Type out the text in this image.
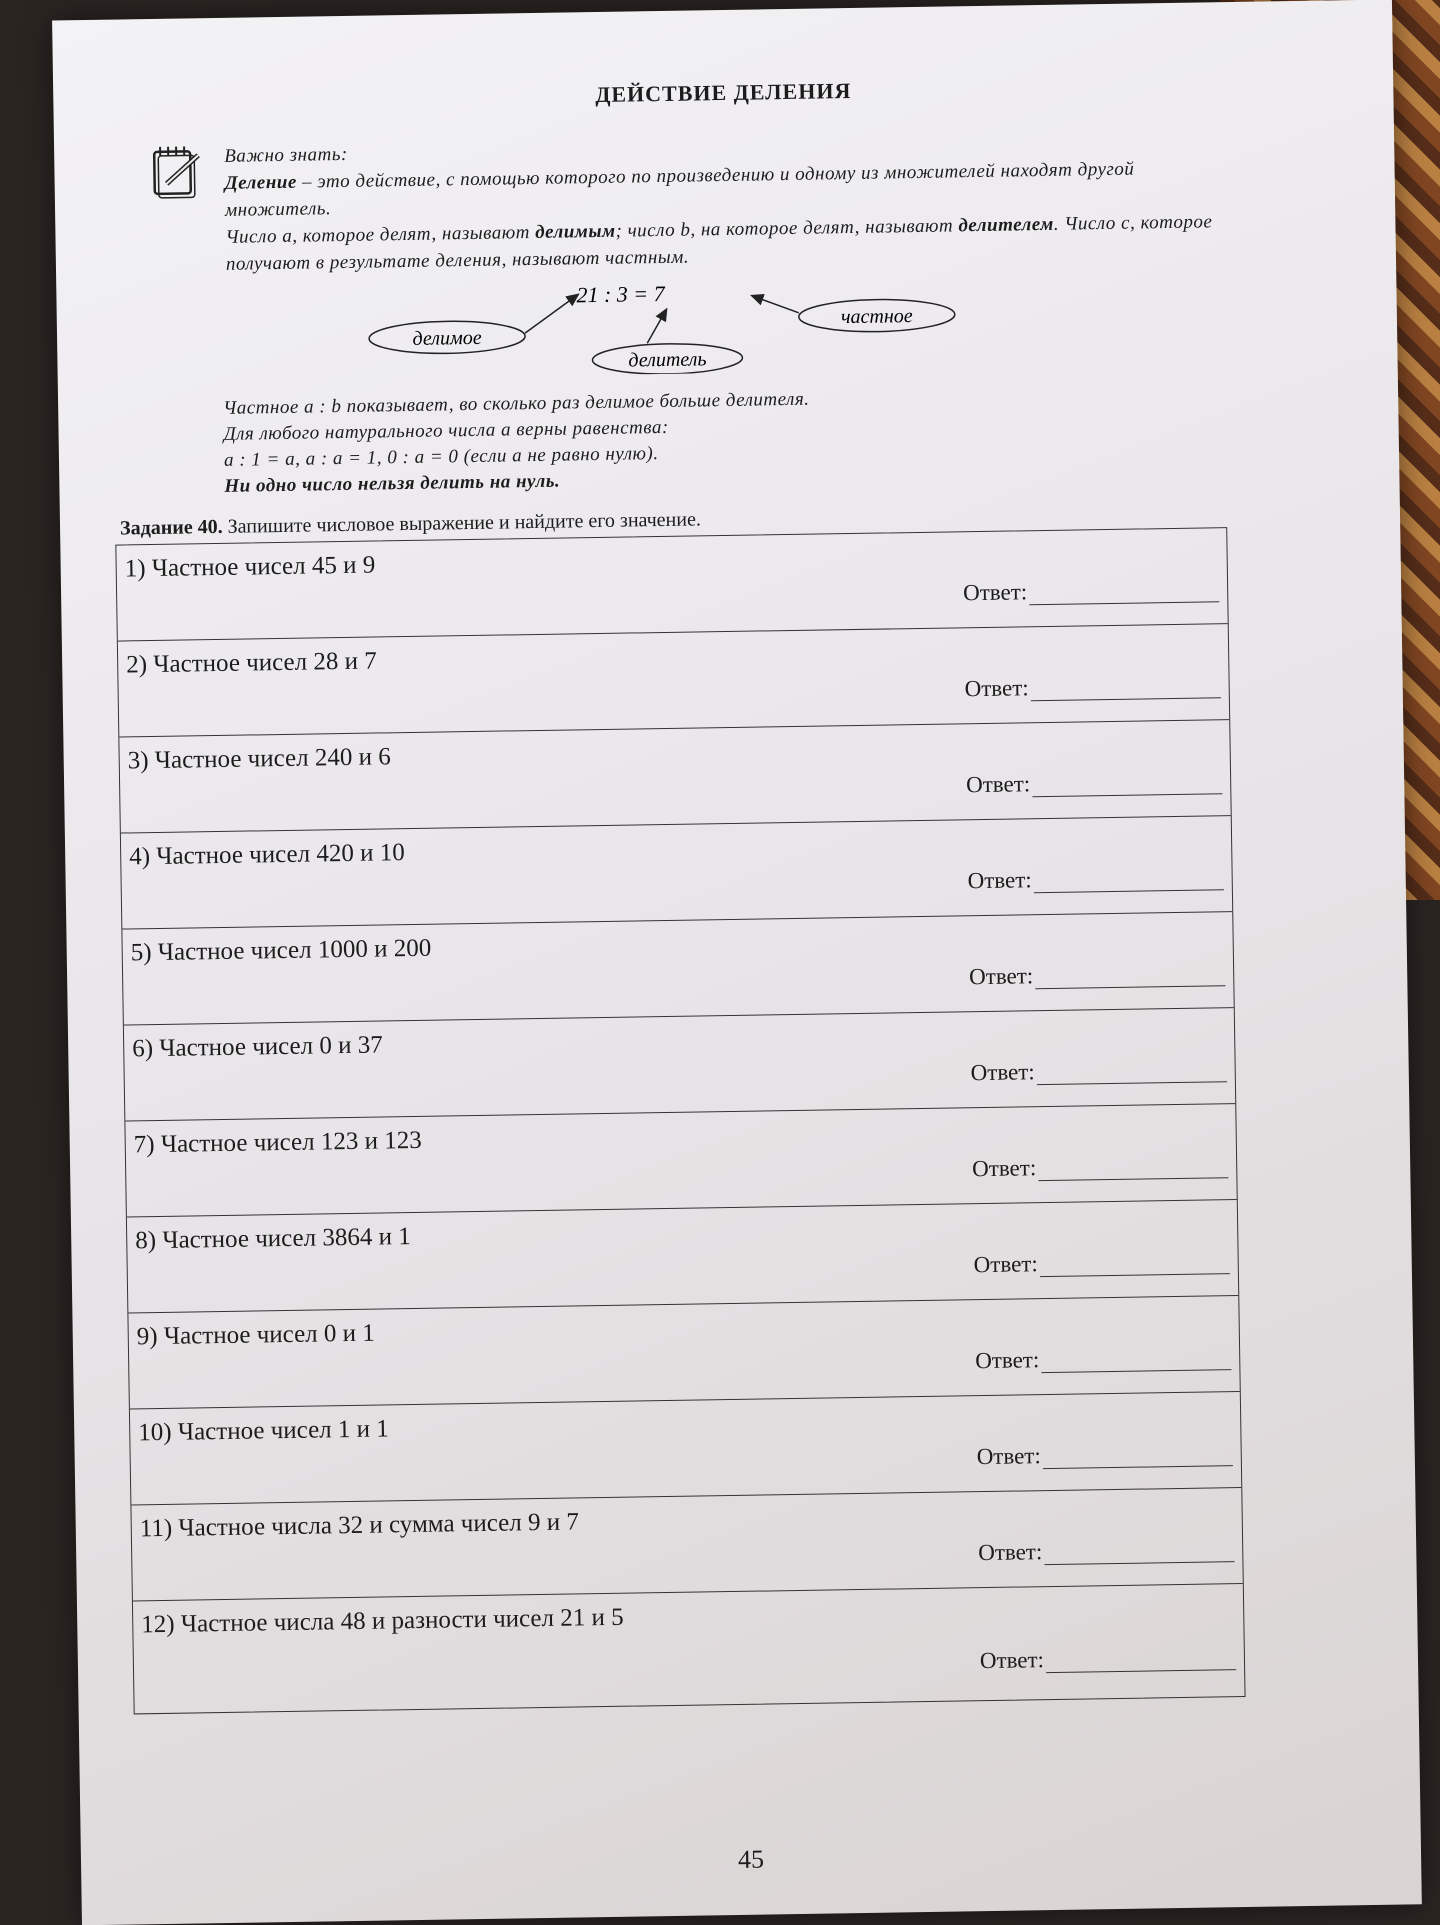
ДЕЙСТВИЕ ДЕЛЕНИЯ

Важно знать:

Деление – это действие, с помощью которого по произведению и одному из множителей находят другой множитель.

Число a, которое делят, называют делимым; число b, на которое делят, называют делителем. Число c, которое получают в результате деления, называют частным.

21 : 3 = 7
делимое
делитель
частное

Частное a : b показывает, во сколько раз делимое больше делителя.

Для любого натурального числа a верны равенства:

a : 1 = a, a : a = 1, 0 : a = 0 (если a не равно нулю).

Ни одно число нельзя делить на нуль.

Задание 40. Запишите числовое выражение и найдите его значение.
1) Частное чисел 45 и 9
Ответ:
2) Частное чисел 28 и 7
Ответ:
3) Частное чисел 240 и 6
Ответ:
4) Частное чисел 420 и 10
Ответ:
5) Частное чисел 1000 и 200
Ответ:
6) Частное чисел 0 и 37
Ответ:
7) Частное чисел 123 и 123
Ответ:
8) Частное чисел 3864 и 1
Ответ:
9) Частное чисел 0 и 1
Ответ:
10) Частное чисел 1 и 1
Ответ:
11) Частное числа 32 и сумма чисел 9 и 7
Ответ:
12) Частное числа 48 и разности чисел 21 и 5
Ответ:
45
